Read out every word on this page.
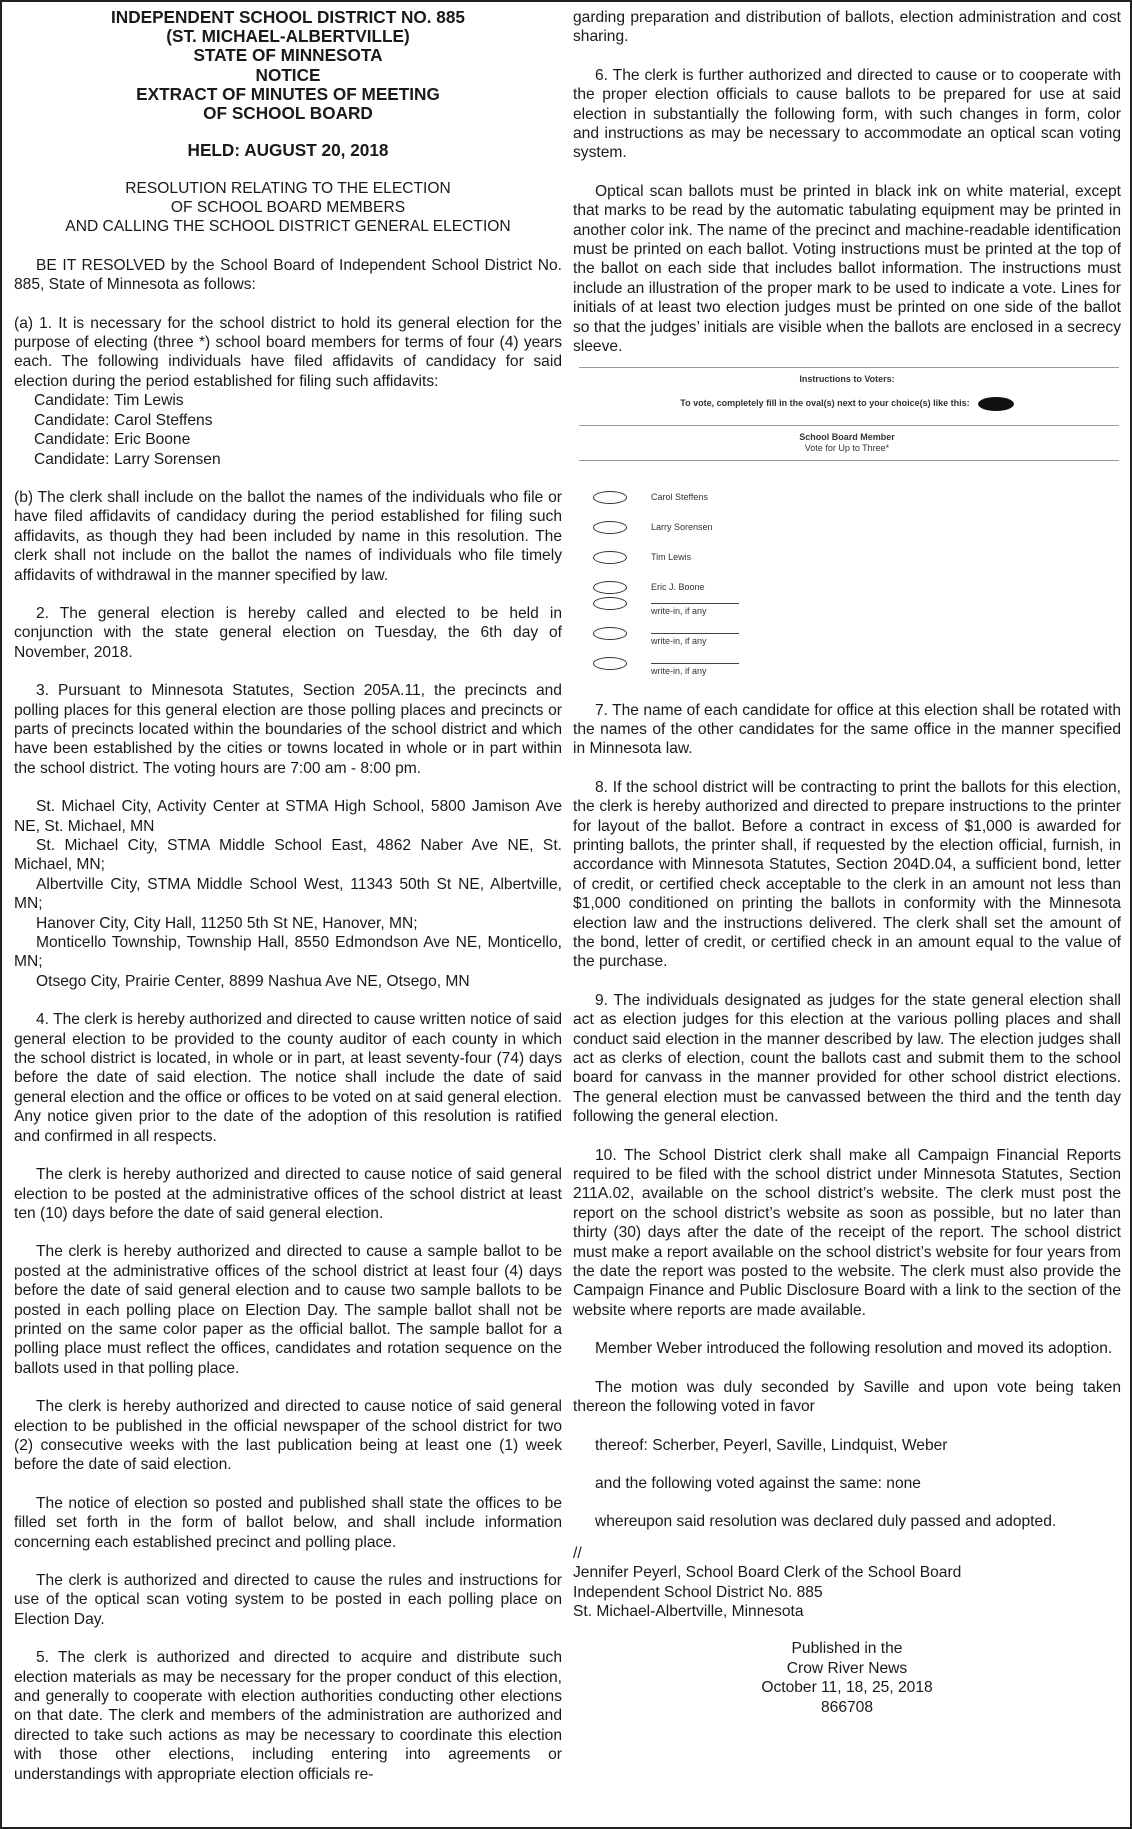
INDEPENDENT SCHOOL DISTRICT NO. 885
(ST. MICHAEL-ALBERTVILLE)
STATE OF MINNESOTA
NOTICE
EXTRACT OF MINUTES OF MEETING
OF SCHOOL BOARD
HELD: AUGUST 20, 2018
RESOLUTION RELATING TO THE ELECTION
OF SCHOOL BOARD MEMBERS
AND CALLING THE SCHOOL DISTRICT GENERAL ELECTION

BE IT RESOLVED by the School Board of Independent School District No. 885, State of Minnesota as follows:

(a) 1. It is necessary for the school district to hold its general election for the purpose of electing (three *) school board members for terms of four (4) years each. The following individuals have filed affidavits of candidacy for said election during the period established for filing such affidavits:

Candidate: Tim Lewis
Candidate: Carol Steffens
Candidate: Eric Boone
Candidate: Larry Sorensen

(b) The clerk shall include on the ballot the names of the individuals who file or have filed affidavits of candidacy during the period established for filing such affidavits, as though they had been included by name in this resolution. The clerk shall not include on the ballot the names of individuals who file timely affidavits of withdrawal in the manner specified by law.

2. The general election is hereby called and elected to be held in conjunction with the state general election on Tuesday, the 6th day of November, 2018.

3. Pursuant to Minnesota Statutes, Section 205A.11, the precincts and polling places for this general election are those polling places and precincts or parts of precincts located within the boundaries of the school district and which have been established by the cities or towns located in whole or in part within the school district. The voting hours are 7:00 am - 8:00 pm.

St. Michael City, Activity Center at STMA High School, 5800 Jamison Ave NE, St. Michael, MN

St. Michael City, STMA Middle School East, 4862 Naber Ave NE, St. Michael, MN;

Albertville City, STMA Middle School West, 11343 50th St NE, Albertville, MN;

Hanover City, City Hall, 11250 5th St NE, Hanover, MN;

Monticello Township, Township Hall, 8550 Edmondson Ave NE, Monticello, MN;

Otsego City, Prairie Center, 8899 Nashua Ave NE, Otsego, MN

4. The clerk is hereby authorized and directed to cause written notice of said general election to be provided to the county auditor of each county in which the school district is located, in whole or in part, at least seventy-four (74) days before the date of said election. The notice shall include the date of said general election and the office or offices to be voted on at said general election. Any notice given prior to the date of the adoption of this resolution is ratified and confirmed in all respects.

The clerk is hereby authorized and directed to cause notice of said general election to be posted at the administrative offices of the school district at least ten (10) days before the date of said general election.

The clerk is hereby authorized and directed to cause a sample ballot to be posted at the administrative offices of the school district at least four (4) days before the date of said general election and to cause two sample ballots to be posted in each polling place on Election Day. The sample ballot shall not be printed on the same color paper as the official ballot. The sample ballot for a polling place must reflect the offices, candidates and rotation sequence on the ballots used in that polling place.

The clerk is hereby authorized and directed to cause notice of said general election to be published in the official newspaper of the school district for two (2) consecutive weeks with the last publication being at least one (1) week before the date of said election.

The notice of election so posted and published shall state the offices to be filled set forth in the form of ballot below, and shall include information concerning each established precinct and polling place.

The clerk is authorized and directed to cause the rules and instructions for use of the optical scan voting system to be posted in each polling place on Election Day.

5. The clerk is authorized and directed to acquire and distribute such election materials as may be necessary for the proper conduct of this election, and generally to cooperate with election authorities conducting other elections on that date. The clerk and members of the administration are authorized and directed to take such actions as may be necessary to coordinate this election with those other elections, including entering into agreements or understandings with appropriate election officials re-

garding preparation and distribution of ballots, election administration and cost sharing.

6. The clerk is further authorized and directed to cause or to cooperate with the proper election officials to cause ballots to be prepared for use at said election in substantially the following form, with such changes in form, color and instructions as may be necessary to accommodate an optical scan voting system.

Optical scan ballots must be printed in black ink on white material, except that marks to be read by the automatic tabulating equipment may be printed in another color ink. The name of the precinct and machine-readable identification must be printed on each ballot. Voting instructions must be printed at the top of the ballot on each side that includes ballot information. The instructions must include an illustration of the proper mark to be used to indicate a vote. Lines for initials of at least two election judges must be printed on one side of the ballot so that the judges’ initials are visible when the ballots are enclosed in a secrecy sleeve.

Instructions to Voters:
To vote, completely fill in the oval(s) next to your choice(s) like this:
School Board Member
Vote for Up to Three*
Carol Steffens
Larry Sorensen
Tim Lewis
Eric J. Boone
write-in, if any
write-in, if any
write-in, if any

7. The name of each candidate for office at this election shall be rotated with the names of the other candidates for the same office in the manner specified in Minnesota law.

8. If the school district will be contracting to print the ballots for this election, the clerk is hereby authorized and directed to prepare instructions to the printer for layout of the ballot. Before a contract in excess of $1,000 is awarded for printing ballots, the printer shall, if requested by the election official, furnish, in accordance with Minnesota Statutes, Section 204D.04, a sufficient bond, letter of credit, or certified check acceptable to the clerk in an amount not less than $1,000 conditioned on printing the ballots in conformity with the Minnesota election law and the instructions delivered. The clerk shall set the amount of the bond, letter of credit, or certified check in an amount equal to the value of the purchase.

9. The individuals designated as judges for the state general election shall act as election judges for this election at the various polling places and shall conduct said election in the manner described by law. The election judges shall act as clerks of election, count the ballots cast and submit them to the school board for canvass in the manner provided for other school district elections. The general election must be canvassed between the third and the tenth day following the general election.

10. The School District clerk shall make all Campaign Financial Reports required to be filed with the school district under Minnesota Statutes, Section 211A.02, available on the school district’s website. The clerk must post the report on the school district’s website as soon as possible, but no later than thirty (30) days after the date of the receipt of the report. The school district must make a report available on the school district’s website for four years from the date the report was posted to the website. The clerk must also provide the Campaign Finance and Public Disclosure Board with a link to the section of the website where reports are made available.

Member Weber introduced the following resolution and moved its adoption.

The motion was duly seconded by Saville and upon vote being taken thereon the following voted in favor

thereof: Scherber, Peyerl, Saville, Lindquist, Weber

and the following voted against the same: none

whereupon said resolution was declared duly passed and adopted.

//
Jennifer Peyerl, School Board Clerk of the School Board
Independent School District No. 885
St. Michael-Albertville, Minnesota
Published in the
Crow River News
October 11, 18, 25, 2018
866708
